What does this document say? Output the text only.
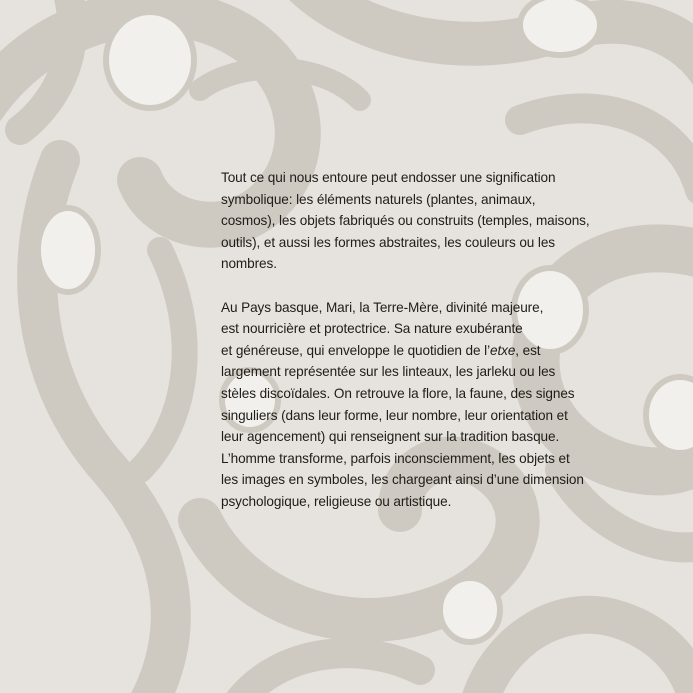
Tout ce qui nous entoure peut endosser une signification
symbolique: les éléments naturels (plantes, animaux,
cosmos), les objets fabriqués ou construits (temples, maisons,
outils), et aussi les formes abstraites, les couleurs ou les
nombres.

Au Pays basque, Mari, la Terre-Mère, divinité majeure,
est nourricière et protectrice. Sa nature exubérante
et généreuse, qui enveloppe le quotidien de l’etxe, est
largement représentée sur les linteaux, les jarleku ou les
stèles discoïdales. On retrouve la flore, la faune, des signes
singuliers (dans leur forme, leur nombre, leur orientation et
leur agencement) qui renseignent sur la tradition basque.
L’homme transforme, parfois inconsciemment, les objets et
les images en symboles, les chargeant ainsi d’une dimension
psychologique, religieuse ou artistique.
